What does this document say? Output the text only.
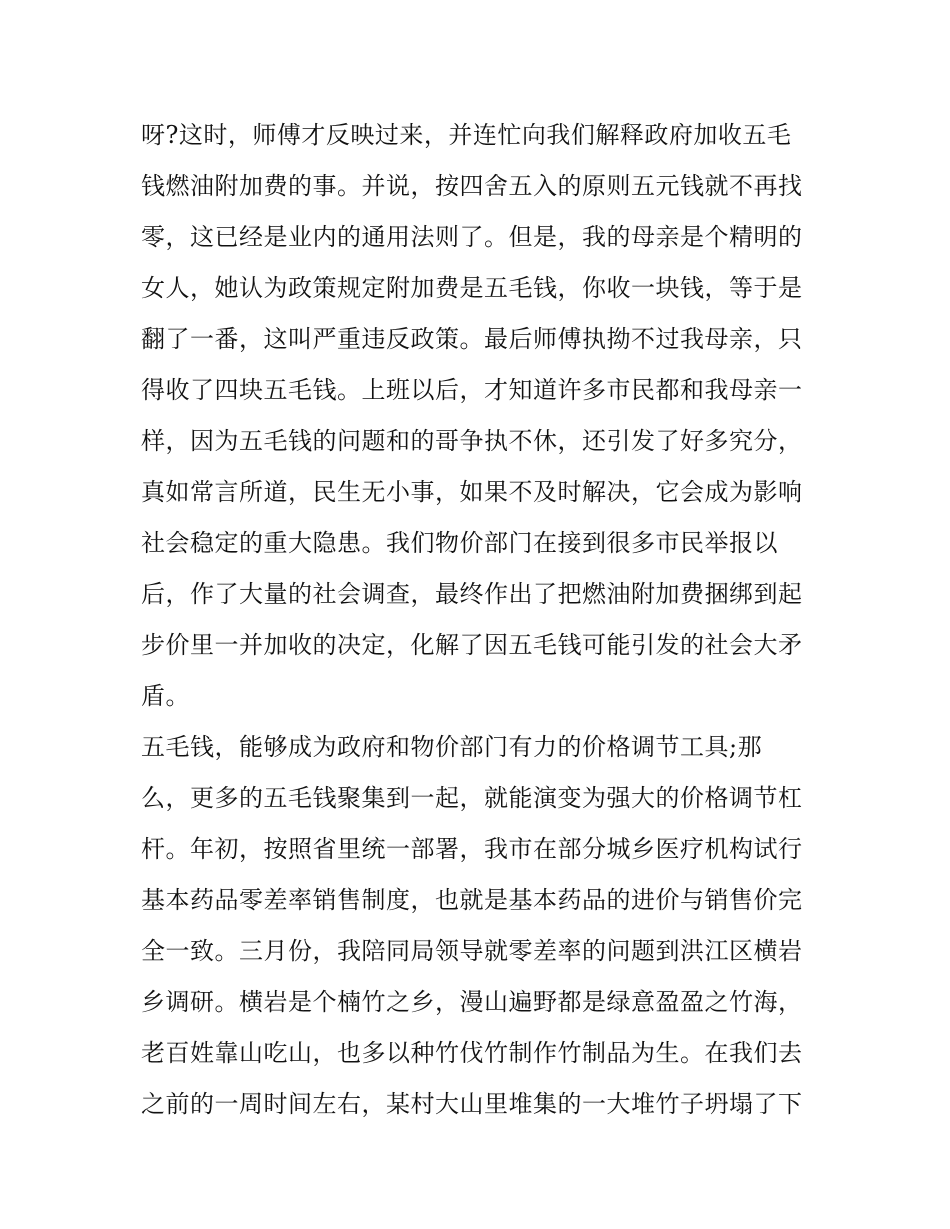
呀?这时，师傅才反映过来，并连忙向我们解释政府加收五毛
钱燃油附加费的事。并说，按四舍五入的原则五元钱就不再找
零，这已经是业内的通用法则了。但是，我的母亲是个精明的
女人，她认为政策规定附加费是五毛钱，你收一块钱，等于是
翻了一番，这叫严重违反政策。最后师傅执拗不过我母亲，只
得收了四块五毛钱。上班以后，才知道许多市民都和我母亲一
样，因为五毛钱的问题和的哥争执不休，还引发了好多究分，
真如常言所道，民生无小事，如果不及时解决，它会成为影响
社会稳定的重大隐患。我们物价部门在接到很多市民举报以
后，作了大量的社会调查，最终作出了把燃油附加费捆绑到起
步价里一并加收的决定，化解了因五毛钱可能引发的社会大矛
盾。
五毛钱，能够成为政府和物价部门有力的价格调节工具;那
么，更多的五毛钱聚集到一起，就能演变为强大的价格调节杠
杆。年初，按照省里统一部署，我市在部分城乡医疗机构试行
基本药品零差率销售制度，也就是基本药品的进价与销售价完
全一致。三月份，我陪同局领导就零差率的问题到洪江区横岩
乡调研。横岩是个楠竹之乡，漫山遍野都是绿意盈盈之竹海，
老百姓靠山吃山，也多以种竹伐竹制作竹制品为生。在我们去
之前的一周时间左右，某村大山里堆集的一大堆竹子坍塌了下
